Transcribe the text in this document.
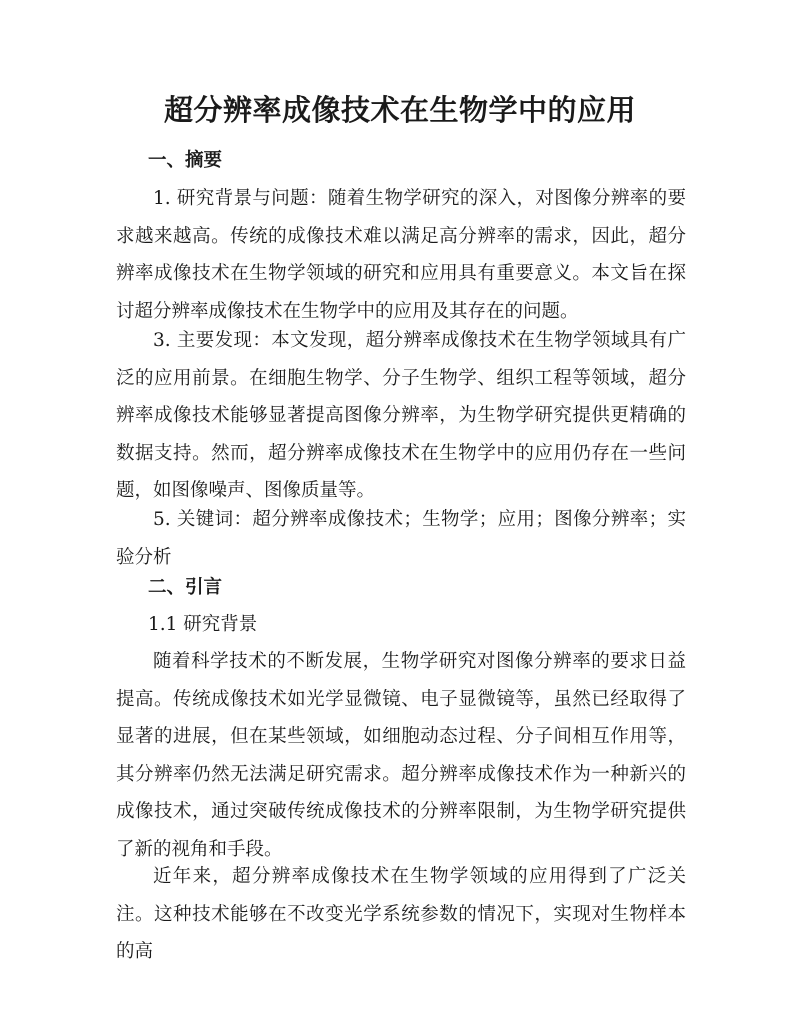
超分辨率成像技术在生物学中的应用
一、摘要

1. 研究背景与问题：随着生物学研究的深入，对图像分辨率的要求越来越高。传统的成像技术难以满足高分辨率的需求，因此，超分辨率成像技术在生物学领域的研究和应用具有重要意义。本文旨在探讨超分辨率成像技术在生物学中的应用及其存在的问题。

3. 主要发现：本文发现，超分辨率成像技术在生物学领域具有广泛的应用前景。在细胞生物学、分子生物学、组织工程等领域，超分辨率成像技术能够显著提高图像分辨率，为生物学研究提供更精确的数据支持。然而，超分辨率成像技术在生物学中的应用仍存在一些问题，如图像噪声、图像质量等。

5. 关键词：超分辨率成像技术；生物学；应用；图像分辨率；实验分析

二、引言

1.1 研究背景

随着科学技术的不断发展，生物学研究对图像分辨率的要求日益提高。传统成像技术如光学显微镜、电子显微镜等，虽然已经取得了显著的进展，但在某些领域，如细胞动态过程、分子间相互作用等，其分辨率仍然无法满足研究需求。超分辨率成像技术作为一种新兴的成像技术，通过突破传统成像技术的分辨率限制，为生物学研究提供了新的视角和手段。

近年来，超分辨率成像技术在生物学领域的应用得到了广泛关注。这种技术能够在不改变光学系统参数的情况下，实现对生物样本的高
